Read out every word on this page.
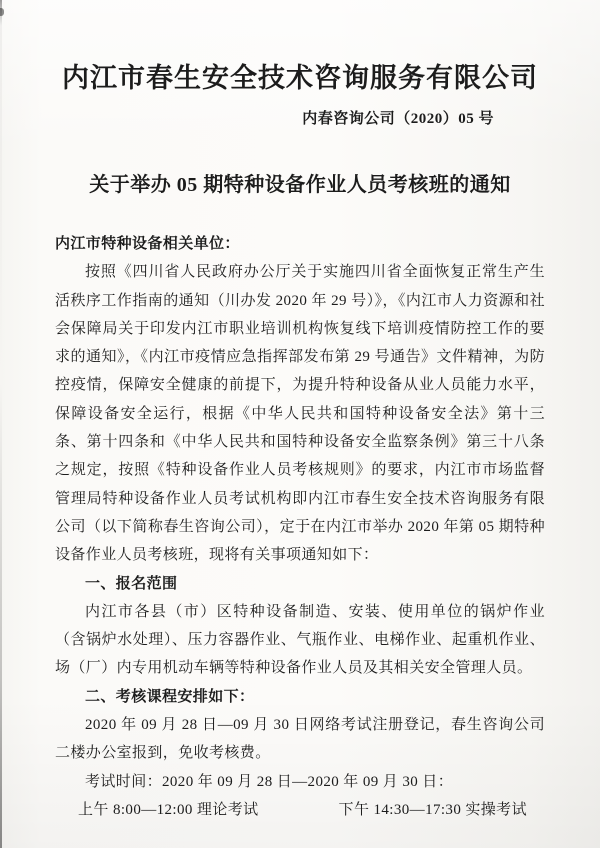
内江市春生安全技术咨询服务有限公司
内春咨询公司（2020）05 号
关于举办 05 期特种设备作业人员考核班的通知

内江市特种设备相关单位：

按照《四川省人民政府办公厅关于实施四川省全面恢复正常生产生活秩序工作指南的通知（川办发 2020 年 29 号）》，《内江市人力资源和社会保障局关于印发内江市职业培训机构恢复线下培训疫情防控工作的要求的通知》，《内江市疫情应急指挥部发布第 29 号通告》文件精神，为防控疫情，保障安全健康的前提下，为提升特种设备从业人员能力水平，保障设备安全运行，根据《中华人民共和国特种设备安全法》第十三条、第十四条和《中华人民共和国特种设备安全监察条例》第三十八条之规定，按照《特种设备作业人员考核规则》的要求，内江市市场监督管理局特种设备作业人员考试机构即内江市春生安全技术咨询服务有限公司（以下简称春生咨询公司），定于在内江市举办 2020 年第 05 期特种设备作业人员考核班，现将有关事项通知如下：

一、报名范围

内江市各县（市）区特种设备制造、安装、使用单位的锅炉作业（含锅炉水处理）、压力容器作业、气瓶作业、电梯作业、起重机作业、场（厂）内专用机动车辆等特种设备作业人员及其相关安全管理人员。

二、考核课程安排如下：

2020 年 09 月 28 日—09 月 30 日网络考试注册登记，春生咨询公司二楼办公室报到，免收考核费。

考试时间：2020 年 09 月 28 日—2020 年 09 月 30 日：

上午 8:00—12:00 理论考试	下午 14:30—17:30 实操考试
